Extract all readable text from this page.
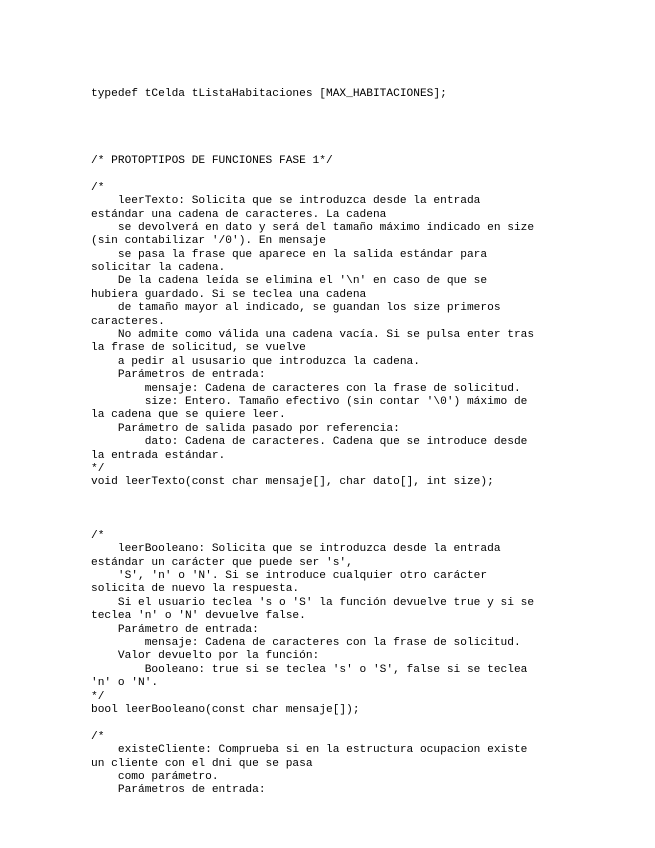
typedef tCelda tListaHabitaciones [MAX_HABITACIONES];
/* PROTOPTIPOS DE FUNCIONES FASE 1*/
/*
leerTexto: Solicita que se introduzca desde la entrada
estándar una cadena de caracteres. La cadena
se devolverá en dato y será del tamaño máximo indicado en size
(sin contabilizar '/0'). En mensaje
se pasa la frase que aparece en la salida estándar para
solicitar la cadena.
De la cadena leída se elimina el '\n' en caso de que se
hubiera guardado. Si se teclea una cadena
de tamaño mayor al indicado, se guandan los size primeros
caracteres.
No admite como válida una cadena vacía. Si se pulsa enter tras
la frase de solicitud, se vuelve
a pedir al ususario que introduzca la cadena.
Parámetros de entrada:
mensaje: Cadena de caracteres con la frase de solicitud.
size: Entero. Tamaño efectivo (sin contar '\0') máximo de
la cadena que se quiere leer.
Parámetro de salida pasado por referencia:
dato: Cadena de caracteres. Cadena que se introduce desde
la entrada estándar.
*/
void leerTexto(const char mensaje[], char dato[], int size);
/*
leerBooleano: Solicita que se introduzca desde la entrada
estándar un carácter que puede ser 's',
'S', 'n' o 'N'. Si se introduce cualquier otro carácter
solicita de nuevo la respuesta.
Si el usuario teclea 's o 'S' la función devuelve true y si se
teclea 'n' o 'N' devuelve false.
Parámetro de entrada:
mensaje: Cadena de caracteres con la frase de solicitud.
Valor devuelto por la función:
Booleano: true si se teclea 's' o 'S', false si se teclea
'n' o 'N'.
*/
bool leerBooleano(const char mensaje[]);
/*
existeCliente: Comprueba si en la estructura ocupacion existe
un cliente con el dni que se pasa
como parámetro.
Parámetros de entrada:
